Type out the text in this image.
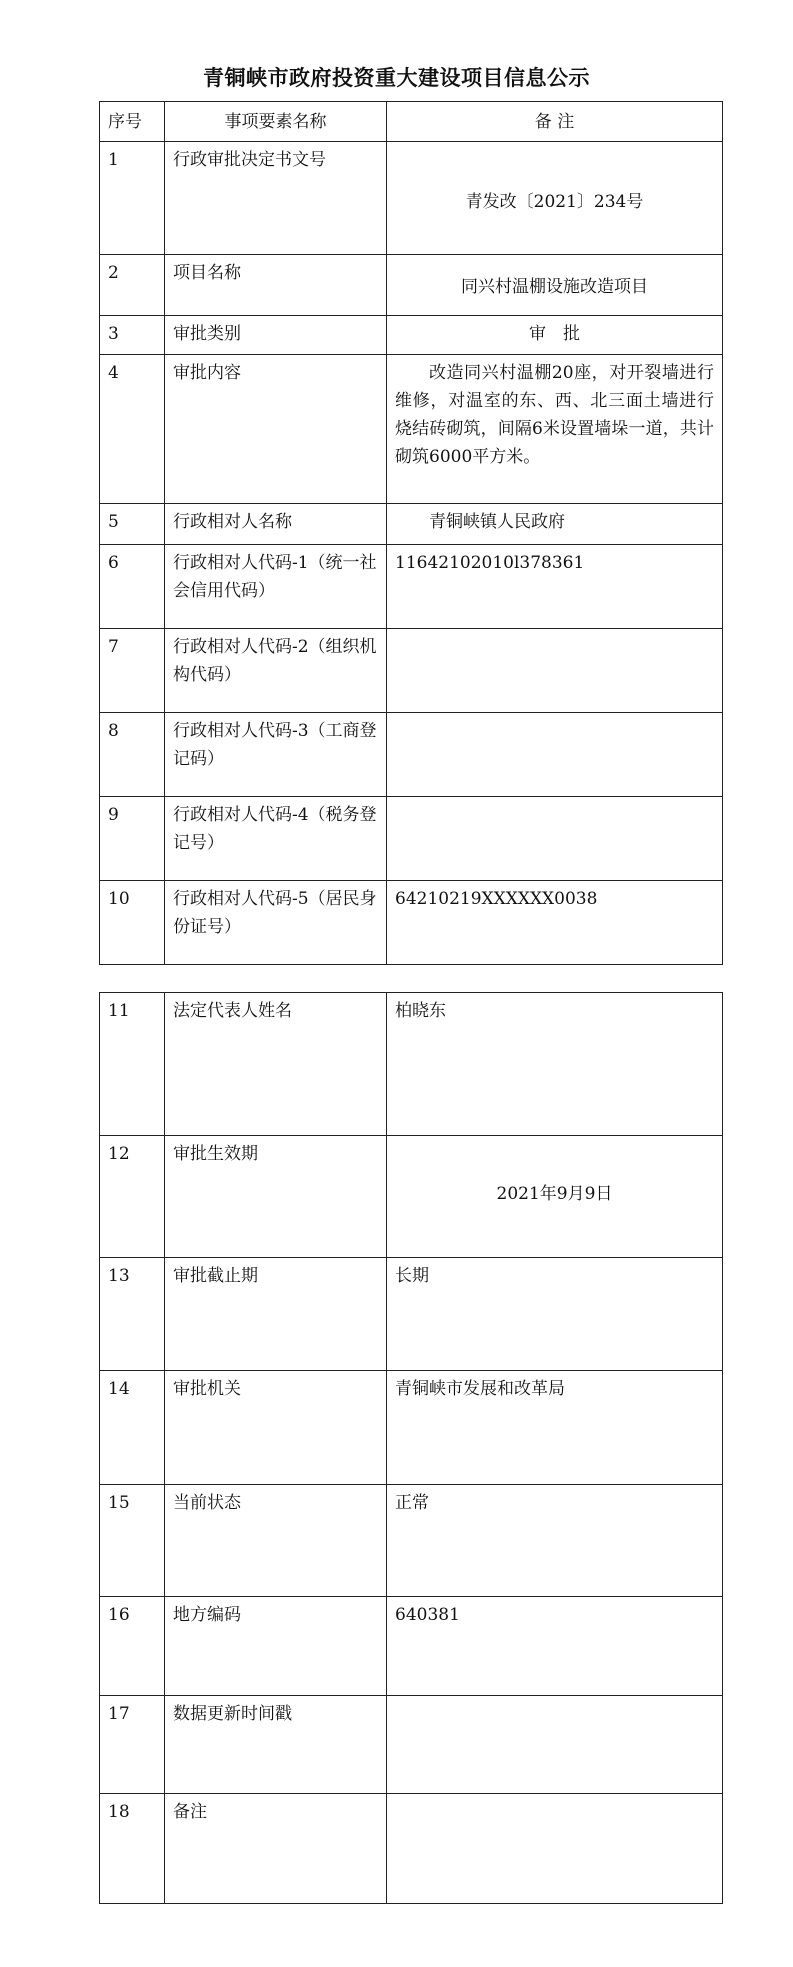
青铜峡市政府投资重大建设项目信息公示
序号	事项要素名称	备 注
1	行政审批决定书文号	青发改〔2021〕234号

2	项目名称	同兴村温棚设施改造项目

3	审批类别	审　批
4	审批内容	改造同兴村温棚20座，对开裂墙进行维修，对温室的东、西、北三面土墙进行烧结砖砌筑，间隔6米设置墙垛一道，共计砌筑6000平方米。
5	行政相对人名称	青铜峡镇人民政府
6	行政相对人代码-1（统一社会信用代码）	11642102010l378361
7	行政相对人代码-2（组织机构代码）	
8	行政相对人代码-3（工商登记码）	
9	行政相对人代码-4（税务登记号）	
10	行政相对人代码-5（居民身份证号）	64210219XXXXXX0038
11	法定代表人姓名	柏晓东
12	审批生效期	2021年9月9日

13	审批截止期	长期
14	审批机关	青铜峡市发展和改革局
15	当前状态	正常
16	地方编码	640381
17	数据更新时间戳	
18	备注	
